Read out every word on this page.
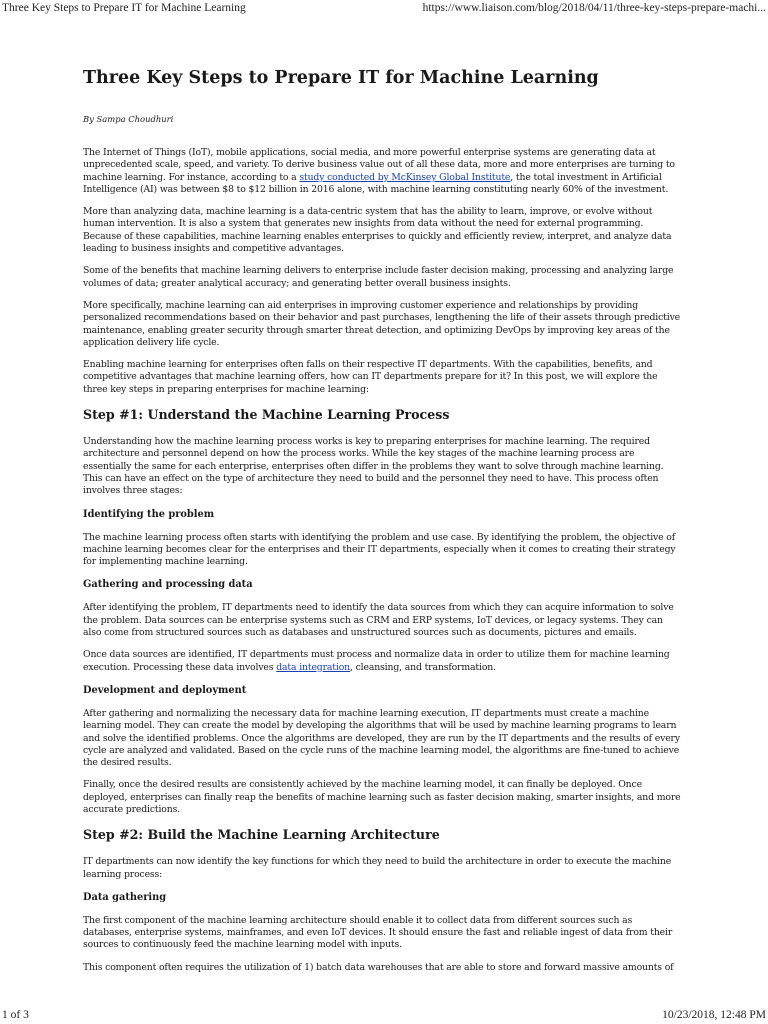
Three Key Steps to Prepare IT for Machine Learning	https://www.liaison.com/blog/2018/04/11/three-key-steps-prepare-machi...
Three Key Steps to Prepare IT for Machine Learning
By Sampa Choudhuri

The Internet of Things (IoT), mobile applications, social media, and more powerful enterprise systems are generating data at unprecedented scale, speed, and variety. To derive business value out of all these data, more and more enterprises are turning to machine learning. For instance, according to a study conducted by McKinsey Global Institute, the total investment in Artificial Intelligence (AI) was between $8 to $12 billion in 2016 alone, with machine learning constituting nearly 60% of the investment.

More than analyzing data, machine learning is a data-centric system that has the ability to learn, improve, or evolve without human intervention. It is also a system that generates new insights from data without the need for external programming. Because of these capabilities, machine learning enables enterprises to quickly and efficiently review, interpret, and analyze data leading to business insights and competitive advantages.

Some of the benefits that machine learning delivers to enterprise include faster decision making, processing and analyzing large volumes of data; greater analytical accuracy; and generating better overall business insights.

More specifically, machine learning can aid enterprises in improving customer experience and relationships by providing personalized recommendations based on their behavior and past purchases, lengthening the life of their assets through predictive maintenance, enabling greater security through smarter threat detection, and optimizing DevOps by improving key areas of the application delivery life cycle.

Enabling machine learning for enterprises often falls on their respective IT departments. With the capabilities, benefits, and competitive advantages that machine learning offers, how can IT departments prepare for it? In this post, we will explore the three key steps in preparing enterprises for machine learning:

Step #1: Understand the Machine Learning Process

Understanding how the machine learning process works is key to preparing enterprises for machine learning. The required architecture and personnel depend on how the process works. While the key stages of the machine learning process are essentially the same for each enterprise, enterprises often differ in the problems they want to solve through machine learning. This can have an effect on the type of architecture they need to build and the personnel they need to have. This process often involves three stages:

Identifying the problem

The machine learning process often starts with identifying the problem and use case. By identifying the problem, the objective of machine learning becomes clear for the enterprises and their IT departments, especially when it comes to creating their strategy for implementing machine learning.

Gathering and processing data

After identifying the problem, IT departments need to identify the data sources from which they can acquire information to solve the problem. Data sources can be enterprise systems such as CRM and ERP systems, IoT devices, or legacy systems. They can also come from structured sources such as databases and unstructured sources such as documents, pictures and emails.

Once data sources are identified, IT departments must process and normalize data in order to utilize them for machine learning execution. Processing these data involves data integration, cleansing, and transformation.

Development and deployment

After gathering and normalizing the necessary data for machine learning execution, IT departments must create a machine learning model. They can create the model by developing the algorithms that will be used by machine learning programs to learn and solve the identified problems. Once the algorithms are developed, they are run by the IT departments and the results of every cycle are analyzed and validated. Based on the cycle runs of the machine learning model, the algorithms are fine-tuned to achieve the desired results.

Finally, once the desired results are consistently achieved by the machine learning model, it can finally be deployed. Once deployed, enterprises can finally reap the benefits of machine learning such as faster decision making, smarter insights, and more accurate predictions.

Step #2: Build the Machine Learning Architecture

IT departments can now identify the key functions for which they need to build the architecture in order to execute the machine learning process:

Data gathering

The first component of the machine learning architecture should enable it to collect data from different sources such as databases, enterprise systems, mainframes, and even IoT devices. It should ensure the fast and reliable ingest of data from their sources to continuously feed the machine learning model with inputs.

This component often requires the utilization of 1) batch data warehouses that are able to store and forward massive amounts of

1 of 3	10/23/2018, 12:48 PM
